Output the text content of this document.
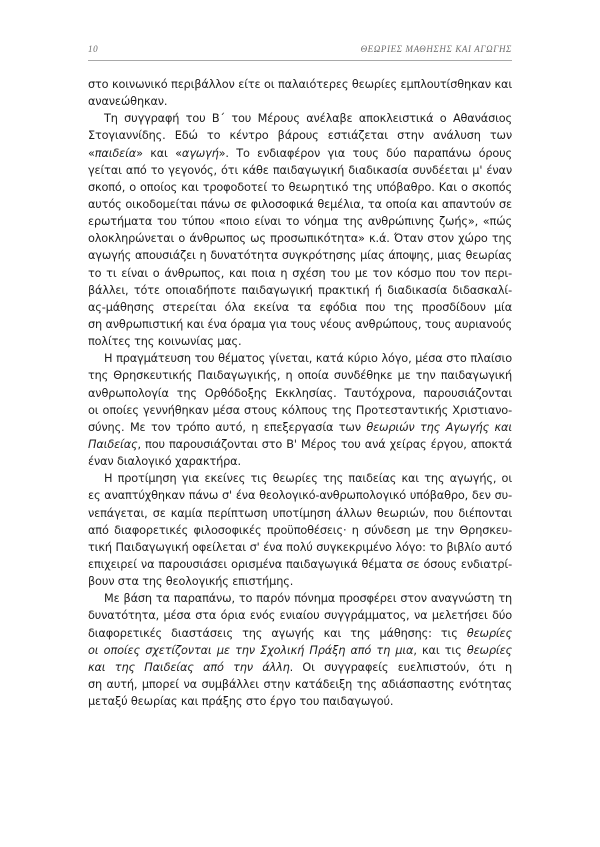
10	ΘΕΩΡΙΕΣ ΜΑΘΗΣΗΣ ΚΑΙ ΑΓΩΓΗΣ
στο κοινωνικό περιβάλλον είτε οι παλαιότερες θεωρίες εμπλουτίσθηκαν και
ανανεώθηκαν.
Τη συγγραφή του Β΄ του Μέρους ανέλαβε αποκλειστικά ο Αθανάσιος
Στογιαννίδης. Εδώ το κέντρο βάρους εστιάζεται στην ανάλυση των
«παιδεία» και «αγωγή». Το ενδιαφέρον για τους δύο παραπάνω όρους
γείται από το γεγονός, ότι κάθε παιδαγωγική διαδικασία συνδέεται μ' έναν
σκοπό, ο οποίος και τροφοδοτεί το θεωρητικό της υπόβαθρο. Και ο σκοπός
αυτός οικοδομείται πάνω σε φιλοσοφικά θεμέλια, τα οποία και απαντούν σε
ερωτήματα του τύπου «ποιο είναι το νόημα της ανθρώπινης ζωής», «πώς
ολοκληρώνεται ο άνθρωπος ως προσωπικότητα» κ.ά. Όταν στον χώρο της
αγωγής απουσιάζει η δυνατότητα συγκρότησης μίας άποψης, μιας θεωρίας
το τι είναι ο άνθρωπος, και ποια η σχέση του με τον κόσμο που τον περι-
βάλλει, τότε οποιαδήποτε παιδαγωγική πρακτική ή διαδικασία διδασκαλί-
ας-μάθησης στερείται όλα εκείνα τα εφόδια που της προσδίδουν μία
ση ανθρωπιστική και ένα όραμα για τους νέους ανθρώπους, τους αυριανούς
πολίτες της κοινωνίας μας.
Η πραγμάτευση του θέματος γίνεται, κατά κύριο λόγο, μέσα στο πλαίσιο
της Θρησκευτικής Παιδαγωγικής, η οποία συνδέθηκε με την παιδαγωγική
ανθρωπολογία της Ορθόδοξης Εκκλησίας. Ταυτόχρονα, παρουσιάζονται
οι οποίες γεννήθηκαν μέσα στους κόλπους της Προτεσταντικής Χριστιανο-
σύνης. Με τον τρόπο αυτό, η επεξεργασία των θεωριών της Αγωγής και
Παιδείας, που παρουσιάζονται στο Β' Μέρος του ανά χείρας έργου, αποκτά
έναν διαλογικό χαρακτήρα.
Η προτίμηση για εκείνες τις θεωρίες της παιδείας και της αγωγής, οι
ες αναπτύχθηκαν πάνω σ' ένα θεολογικό-ανθρωπολογικό υπόβαθρο, δεν συ-
νεπάγεται, σε καμία περίπτωση υποτίμηση άλλων θεωριών, που διέπονται
από διαφορετικές φιλοσοφικές προϋποθέσεις· η σύνδεση με την Θρησκευ-
τική Παιδαγωγική οφείλεται σ' ένα πολύ συγκεκριμένο λόγο: το βιβλίο αυτό
επιχειρεί να παρουσιάσει ορισμένα παιδαγωγικά θέματα σε όσους ενδιατρί-
βουν στα της θεολογικής επιστήμης.
Με βάση τα παραπάνω, το παρόν πόνημα προσφέρει στον αναγνώστη τη
δυνατότητα, μέσα στα όρια ενός ενιαίου συγγράμματος, να μελετήσει δύο
διαφορετικές διαστάσεις της αγωγής και της μάθησης: τις θεωρίες
οι οποίες σχετίζονται με την Σχολική Πράξη από τη μια, και τις θεωρίες
και της Παιδείας από την άλλη. Οι συγγραφείς ευελπιστούν, ότι η
ση αυτή, μπορεί να συμβάλλει στην κατάδειξη της αδιάσπαστης ενότητας
μεταξύ θεωρίας και πράξης στο έργο του παιδαγωγού.
